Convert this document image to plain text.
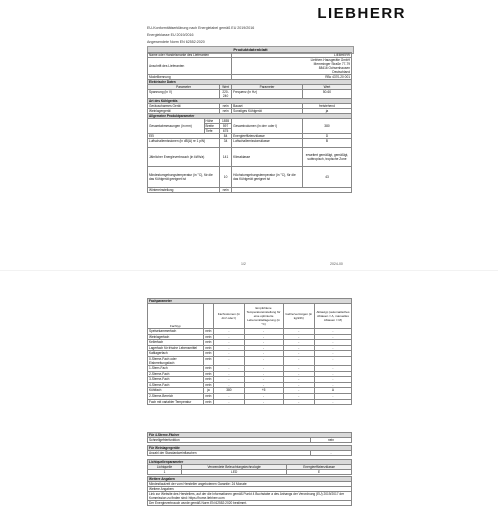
LIEBHERR
EU-Konformitätserklärung nach Energielabel gemäß EU 2019/2016
Energieklasse EU 2019/2016
Angewendete Norm EN 62552:2020
Produktdatenblatt
Name oder Handelsmarke des Lieferanten			LIEBHERR	
Anschrift des Lieferanten			Liebherr-Hausgeräte GmbH
Memminger Straße 77-79
88416 Ochsenhausen
Deutschland	

Modellkennung			RBc 4370-20 001	
Elektrische Daten				
Parameter		Wert	Parameter	Wert
Spannung (in V)		220-240	Frequenz (in Hz)	50-60
Art des Kühlgeräts				
Geräuscharmes Gerät		nein	Bauart	freistehend
Weinlagergerät		nein	Sonstiges Kühlgerät	ja
Allgemeine Produktparameter				
Gesamtabmessungen (in mm)	Höhe	1855	Gesamtvolumen (in dm³ oder l)	380
	Breite	597		
	Tiefe	675		
EEI		84	Energieeffizienzklasse	D
Luftschallemissionen (in dB(A) re 1 pW)		34	Luftschallemissionsklasse	B
Jährlicher Energieverbrauch (in kWh/a)		141	Klimaklasse	erweitert gemäßigt, gemäßigt, subtropisch, tropische Zone
Mindestumgebungstemperatur (in °C), für die das Kühlgerät geeignet ist		10	Höchstumgebungstemperatur (in °C), für die das Kühlgerät geeignet ist	43
Wintereinstellung		nein		
1/2	2024-00
Fachparameter					
Fachtyp		Fachvolumen (in dm³ oder l)	Empfohlene Temperatureinstellung für eine optimierte Lebensmittellagerung (in °C)	Gefriervermögen (in kg/24h)	Abtautyp (automatisches Abtauen = A, manuelles Abtauen = M)
Speisekammerfach	nein	-	-	-	-
Weinlagerfach	nein	-	-	-	-
Kellerfach	nein	-	-	-	-
Lagerfach für frische Lebensmittel	nein	-	-	-	-
Kaltlagerfach	nein	-	-	-	-
0-Sterne-Fach oder Eisbereitungsfach	nein	-	-	-	-
1-Stern-Fach	nein	-	-	-	-
2-Sterne-Fach	nein	-	-	-	-
3-Sterne-Fach	nein	-	-	-	-
4-Sterne-Fach	nein	-	-	-	-
Kühlfach	ja	380	+5	-	A
2-Sterne-Bereich	nein	-	-	-	-
Fach mit variabler Temperatur	nein	-	-	-	-
Für 4-Sterne-Fächer
Schnellgefrierfunktion	nein
Für Weinlagergeräte
Anzahl der Standardweinflaschen	-
Lichtquellenparameter		
Lichtquelle	Verwendete Beleuchtungstechnologie	Energieeffizienzklasse
1	LED	E
Weitere Angaben
Mindestlaufzeit der vom Hersteller angebotenen Garantie: 24 Monate
Weitere Angaben:
Link zur Website des Herstellers, auf der die Informationen gemäß Punkt 4 Buchstabe a des Anhangs der Verordnung (EU) 2019/2017 der Kommission zu finden sind: https://home.liebherr.com
Der Energieverbrauch wurde gemäß Norm EN 62552:2020 bestimmt.
